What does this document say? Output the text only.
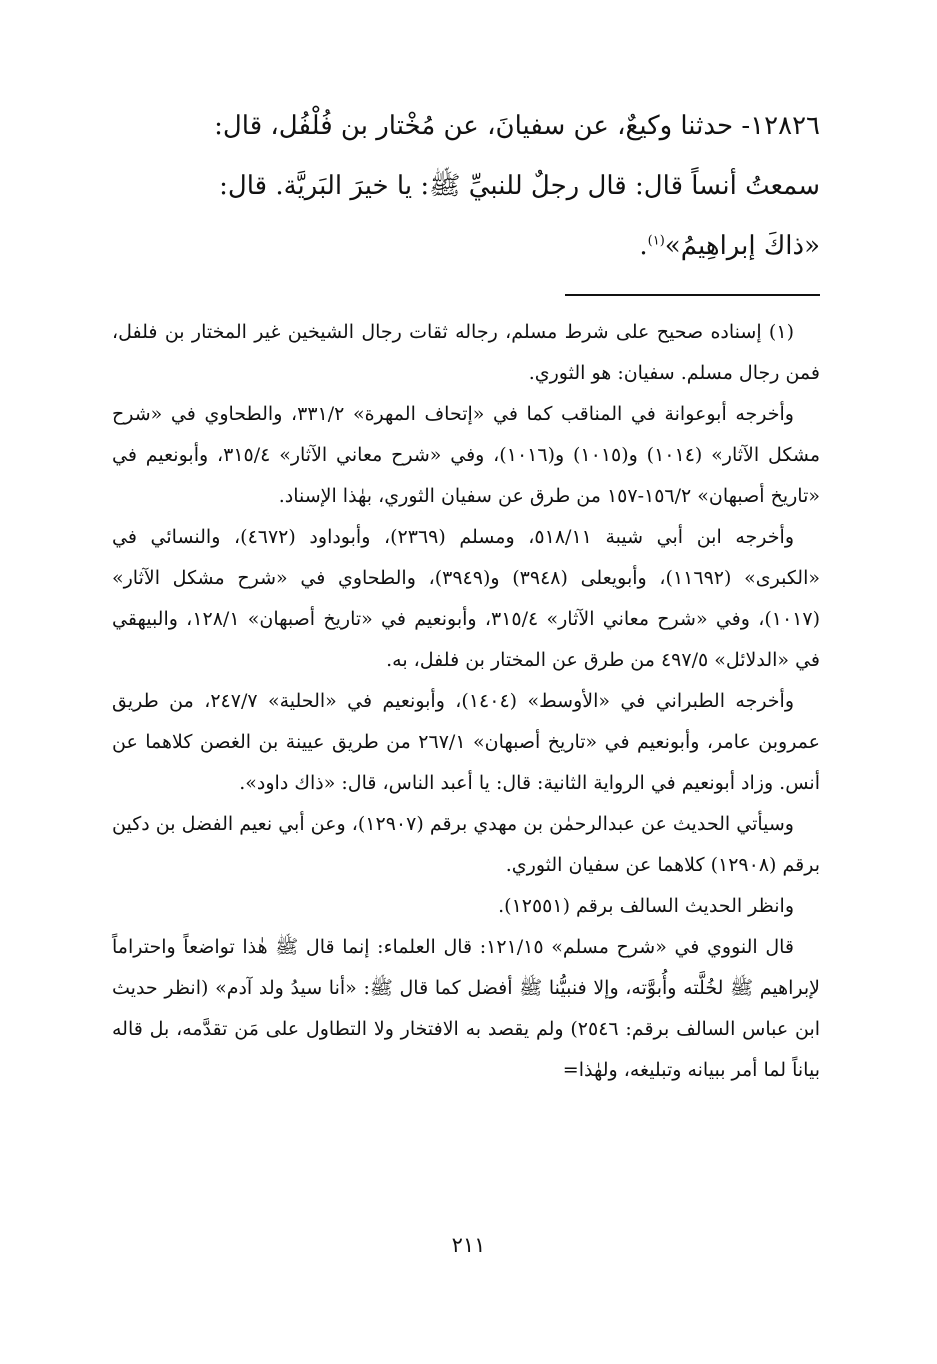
١٢٨٢٦- حدثنا وكيعٌ، عن سفيانَ، عن مُخْتار بن فُلْفُل، قال:

سمعتُ أنساً قال: قال رجلٌ للنبيِّ ﷺ: يا خيرَ البَريَّة. قال:

«ذاكَ إبراهِيمُ»$^{(١)}$.

(١) إسناده صحيح على شرط مسلم، رجاله ثقات رجال الشيخين غير المختار بن فلفل، فمن رجال مسلم. سفيان: هو الثوري.

وأخرجه أبوعوانة في المناقب كما في «إتحاف المهرة» ٣٣١/٢، والطحاوي في «شرح مشكل الآثار» (١٠١٤) و(١٠١٥) و(١٠١٦)، وفي «شرح معاني الآثار» ٣١٥/٤، وأبونعيم في «تاريخ أصبهان» ١٥٦/٢-١٥٧ من طرق عن سفيان الثوري، بهٰذا الإسناد.

وأخرجه ابن أبي شيبة ٥١٨/١١، ومسلم (٢٣٦٩)، وأبوداود (٤٦٧٢)، والنسائي في «الكبرى» (١١٦٩٢)، وأبويعلى (٣٩٤٨) و(٣٩٤٩)، والطحاوي في «شرح مشكل الآثار» (١٠١٧)، وفي «شرح معاني الآثار» ٣١٥/٤، وأبونعيم في «تاريخ أصبهان» ١٢٨/١، والبيهقي في «الدلائل» ٤٩٧/٥ من طرق عن المختار بن فلفل، به.

وأخرجه الطبراني في «الأوسط» (١٤٠٤)، وأبونعيم في «الحلية» ٢٤٧/٧، من طريق عمروبن عامر، وأبونعيم في «تاريخ أصبهان» ٢٦٧/١ من طريق عيينة بن الغصن كلاهما عن أنس. وزاد أبونعيم في الرواية الثانية: قال: يا أعبد الناس، قال: «ذاك داود».

وسيأتي الحديث عن عبدالرحمٰن بن مهدي برقم (١٢٩٠٧)، وعن أبي نعيم الفضل بن دكين برقم (١٢٩٠٨) كلاهما عن سفيان الثوري.

وانظر الحديث السالف برقم (١٢٥٥١).

قال النووي في «شرح مسلم» ١٢١/١٥: قال العلماء: إنما قال ﷺ هٰذا تواضعاً واحتراماً لإبراهيم ﷺ لخُلَّته وأُبوَّته، وإلا فنبيُّنا ﷺ أفضل كما قال ﷺ: «أنا سيدُ ولد آدم» (انظر حديث ابن عباس السالف برقم: ٢٥٤٦) ولم يقصد به الافتخار ولا التطاول على مَن تقدَّمه، بل قاله بياناً لما أمر ببيانه وتبليغه، ولهٰذا=

٢١١
